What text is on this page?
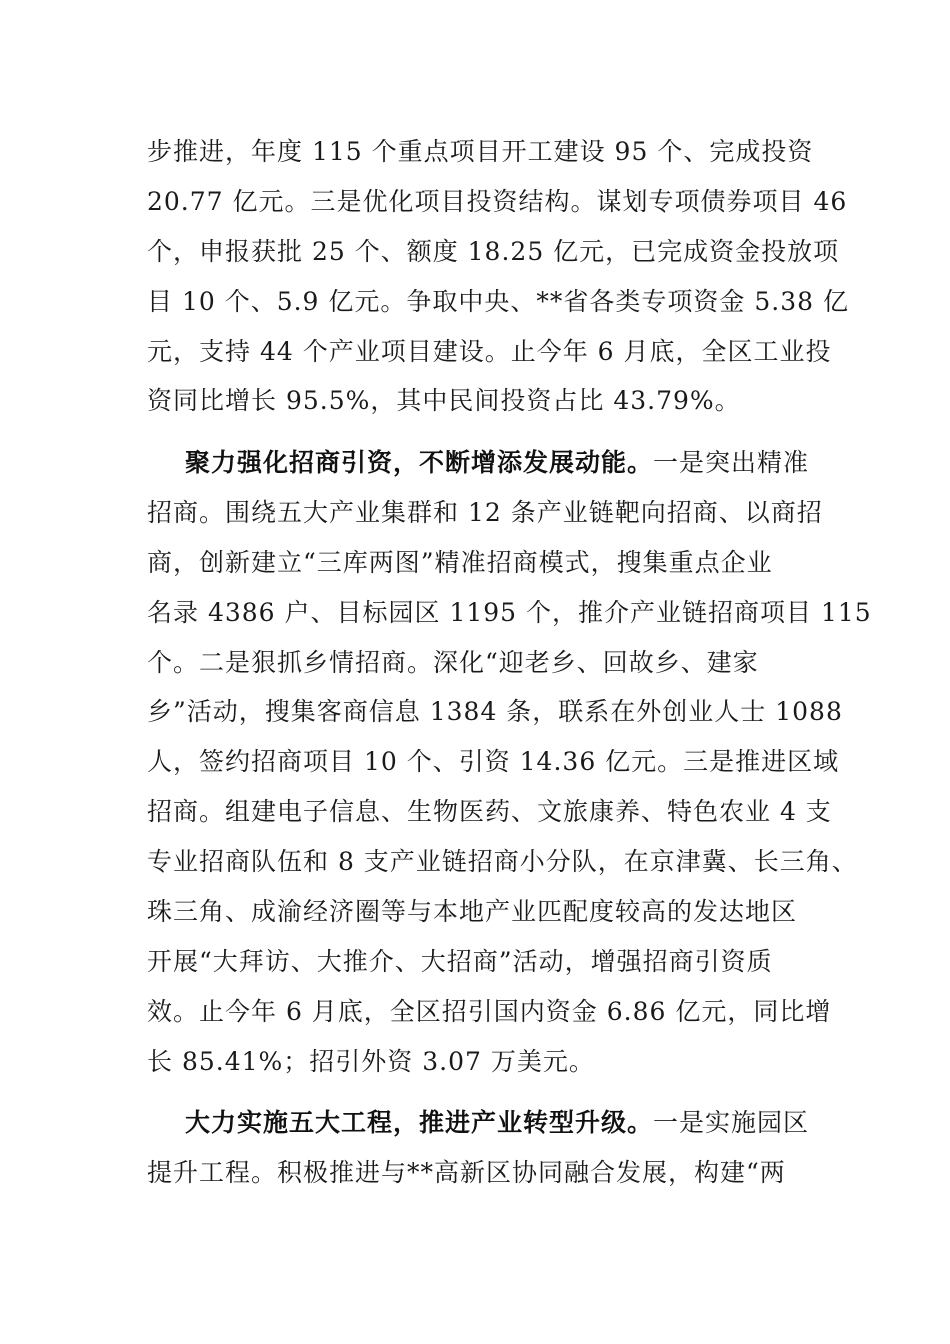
步推进，年度 115 个重点项目开工建设 95 个、完成投资
20.77 亿元。三是优化项目投资结构。谋划专项债券项目 46
个，申报获批 25 个、额度 18.25 亿元，已完成资金投放项
目 10 个、5.9 亿元。争取中央、**省各类专项资金 5.38 亿
元，支持 44 个产业项目建设。止今年 6 月底，全区工业投
资同比增长 95.5%，其中民间投资占比 43.79%。
聚力强化招商引资，不断增添发展动能。一是突出精准
招商。围绕五大产业集群和 12 条产业链靶向招商、以商招
商，创新建立“三库两图”精准招商模式，搜集重点企业
名录 4386 户、目标园区 1195 个，推介产业链招商项目 115
个。二是狠抓乡情招商。深化“迎老乡、回故乡、建家
乡”活动，搜集客商信息 1384 条，联系在外创业人士 1088
人，签约招商项目 10 个、引资 14.36 亿元。三是推进区域
招商。组建电子信息、生物医药、文旅康养、特色农业 4 支
专业招商队伍和 8 支产业链招商小分队，在京津冀、长三角、
珠三角、成渝经济圈等与本地产业匹配度较高的发达地区
开展“大拜访、大推介、大招商”活动，增强招商引资质
效。止今年 6 月底，全区招引国内资金 6.86 亿元，同比增
长 85.41%；招引外资 3.07 万美元。
大力实施五大工程，推进产业转型升级。一是实施园区
提升工程。积极推进与**高新区协同融合发展，构建“两
